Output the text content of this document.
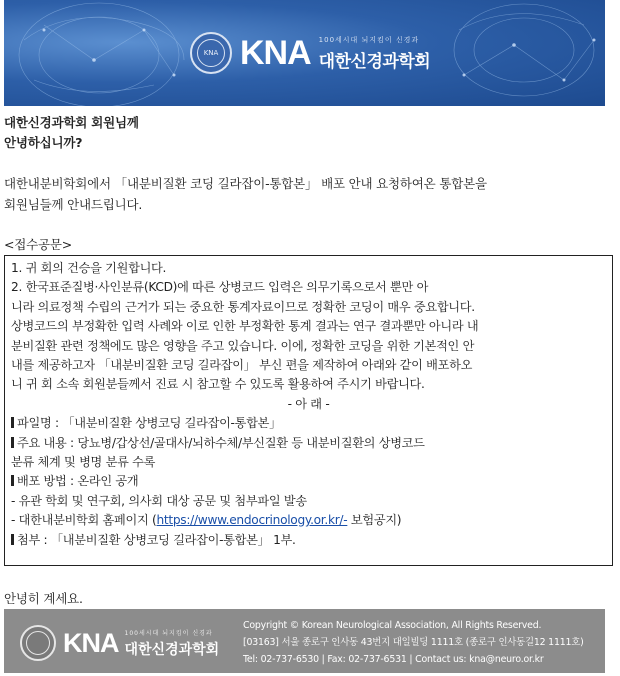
KNA KNA 100세시대 뇌지킴이 신경과
대한신경과학회
대한신경과학회 회원님께
안녕하십니까?
대한내분비학회에서 「내분비질환 코딩 길라잡이-통합본」 배포 안내 요청하여온 통합본을
회원님들께 안내드립니다.
<접수공문>
1. 귀 회의 건승을 기원합니다.
2. 한국표준질병·사인분류(KCD)에 따른 상병코드 입력은 의무기록으로서 뿐만 아
니라 의료정책 수립의 근거가 되는 중요한 통계자료이므로 정확한 코딩이 매우 중요합니다.
상병코드의 부정확한 입력 사례와 이로 인한 부정확한 통계 결과는 연구 결과뿐만 아니라 내
분비질환 관련 정책에도 많은 영향을 주고 있습니다. 이에, 정확한 코딩을 위한 기본적인 안
내를 제공하고자 「내분비질환 코딩 길라잡이」 부신 편을 제작하여 아래와 같이 배포하오
니 귀 회 소속 회원분들께서 진료 시 참고할 수 있도록 활용하여 주시기 바랍니다.
- 아 래 -
파일명 : 「내분비질환 상병코딩 길라잡이-통합본」
주요 내용 : 당뇨병/갑상선/골대사/뇌하수체/부신질환 등 내분비질환의 상병코드
분류 체계 및 병명 분류 수록
배포 방법 : 온라인 공개
- 유관 학회 및 연구회, 의사회 대상 공문 및 첨부파일 발송
- 대한내분비학회 홈페이지 (https://www.endocrinology.or.kr/- 보험공지)
첨부 : 「내분비질환 상병코딩 길라잡이-통합본」 1부.
안녕히 계세요.
KNA 100세시대 뇌지킴이 신경과
대한신경과학회
Copyright © Korean Neurological Association, All Rights Reserved.
[03163] 서울 종로구 인사동 43번지 대일빌딩 1111호 (종로구 인사동길12 1111호)
Tel: 02-737-6530 | Fax: 02-737-6531 | Contact us: kna@neuro.or.kr
